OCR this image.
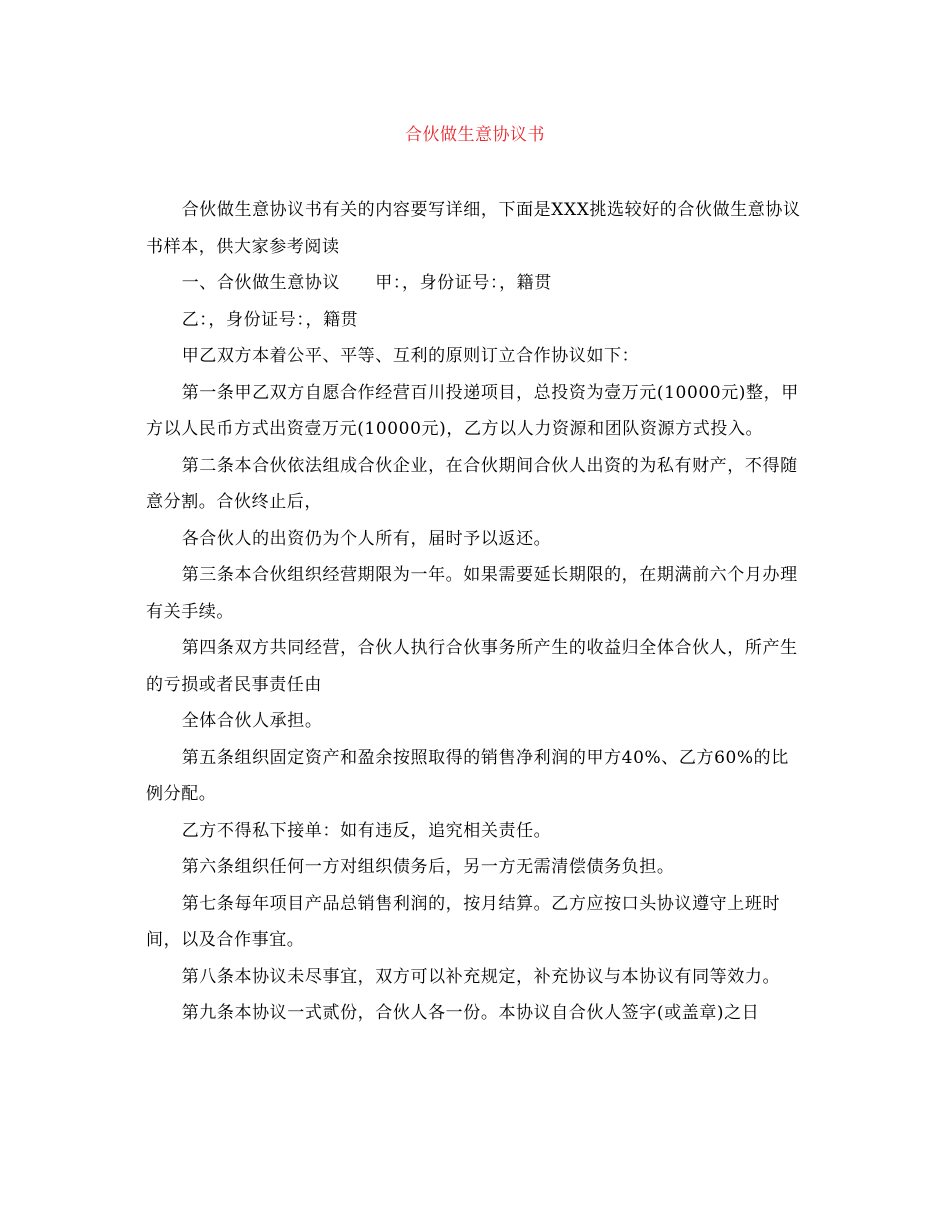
合伙做生意协议书

合伙做生意协议书有关的内容要写详细，下面是XXX挑选较好的合伙做生意协议书样本，供大家参考阅读

一、合伙做生意协议　　甲：，身份证号：，籍贯

乙：，身份证号：，籍贯

甲乙双方本着公平、平等、互利的原则订立合作协议如下：

第一条甲乙双方自愿合作经营百川投递项目，总投资为壹万元(10000元)整，甲方以人民币方式出资壹万元(10000元)，乙方以人力资源和团队资源方式投入。

第二条本合伙依法组成合伙企业，在合伙期间合伙人出资的为私有财产，不得随意分割。合伙终止后，

各合伙人的出资仍为个人所有，届时予以返还。

第三条本合伙组织经营期限为一年。如果需要延长期限的，在期满前六个月办理有关手续。

第四条双方共同经营，合伙人执行合伙事务所产生的收益归全体合伙人，所产生的亏损或者民事责任由

全体合伙人承担。

第五条组织固定资产和盈余按照取得的销售净利润的甲方40%、乙方60%的比例分配。

乙方不得私下接单：如有违反，追究相关责任。

第六条组织任何一方对组织债务后，另一方无需清偿债务负担。

第七条每年项目产品总销售利润的，按月结算。乙方应按口头协议遵守上班时间，以及合作事宜。

第八条本协议未尽事宜，双方可以补充规定，补充协议与本协议有同等效力。

第九条本协议一式贰份，合伙人各一份。本协议自合伙人签字(或盖章)之日
